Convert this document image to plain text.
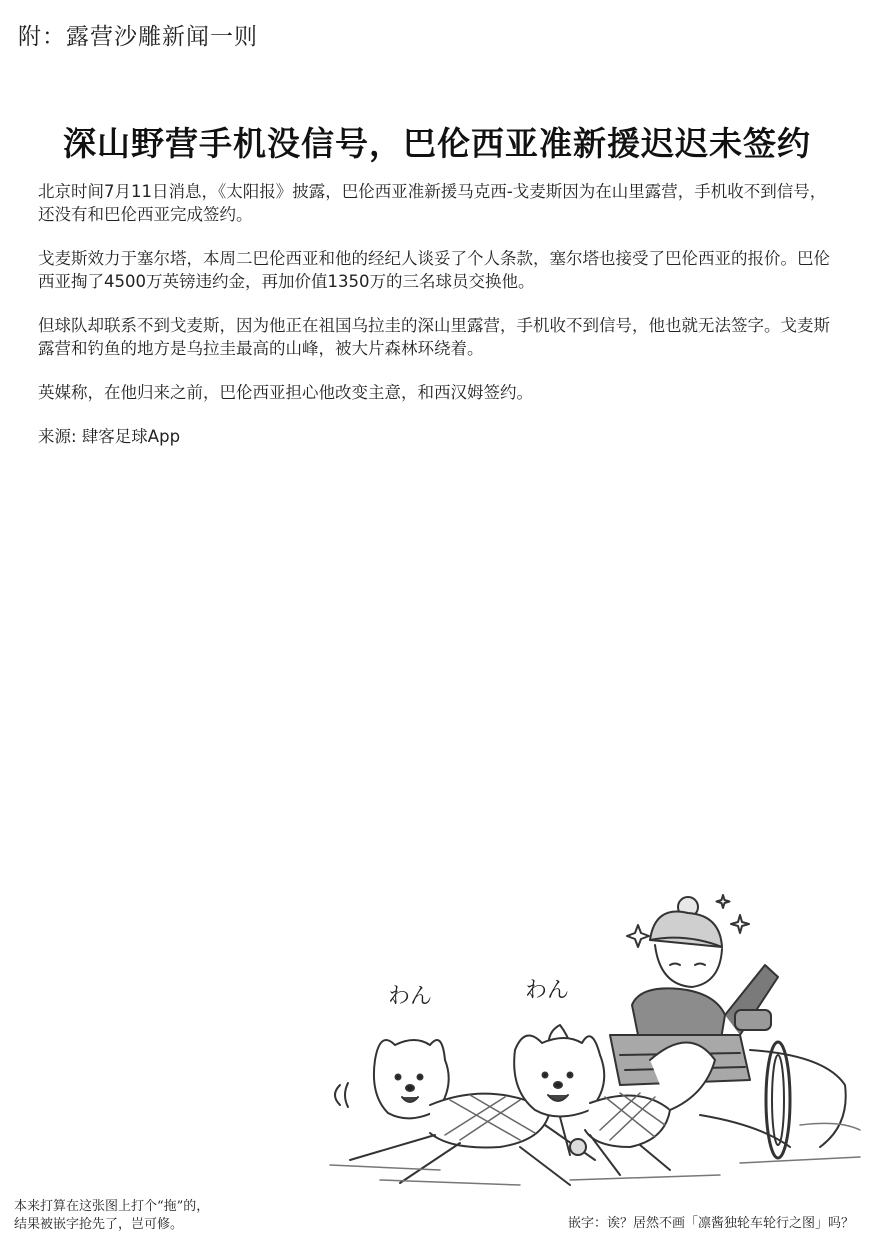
附：露营沙雕新闻一则
深山野营手机没信号，巴伦西亚准新援迟迟未签约

北京时间7月11日消息，《太阳报》披露，巴伦西亚准新援马克西-戈麦斯因为在山里露营，手机收不到信号，还没有和巴伦西亚完成签约。

戈麦斯效力于塞尔塔，本周二巴伦西亚和他的经纪人谈妥了个人条款，塞尔塔也接受了巴伦西亚的报价。巴伦西亚掏了4500万英镑违约金，再加价值1350万的三名球员交换他。

但球队却联系不到戈麦斯，因为他正在祖国乌拉圭的深山里露营，手机收不到信号，他也就无法签字。戈麦斯露营和钓鱼的地方是乌拉圭最高的山峰，被大片森林环绕着。

英媒称，在他归来之前，巴伦西亚担心他改变主意，和西汉姆签约。

来源: 肆客足球App

わん	わん
本来打算在这张图上打个“拖”的，
结果被嵌字抢先了，岂可修。	嵌字：诶？居然不画「凛酱独轮车轮行之图」吗？
